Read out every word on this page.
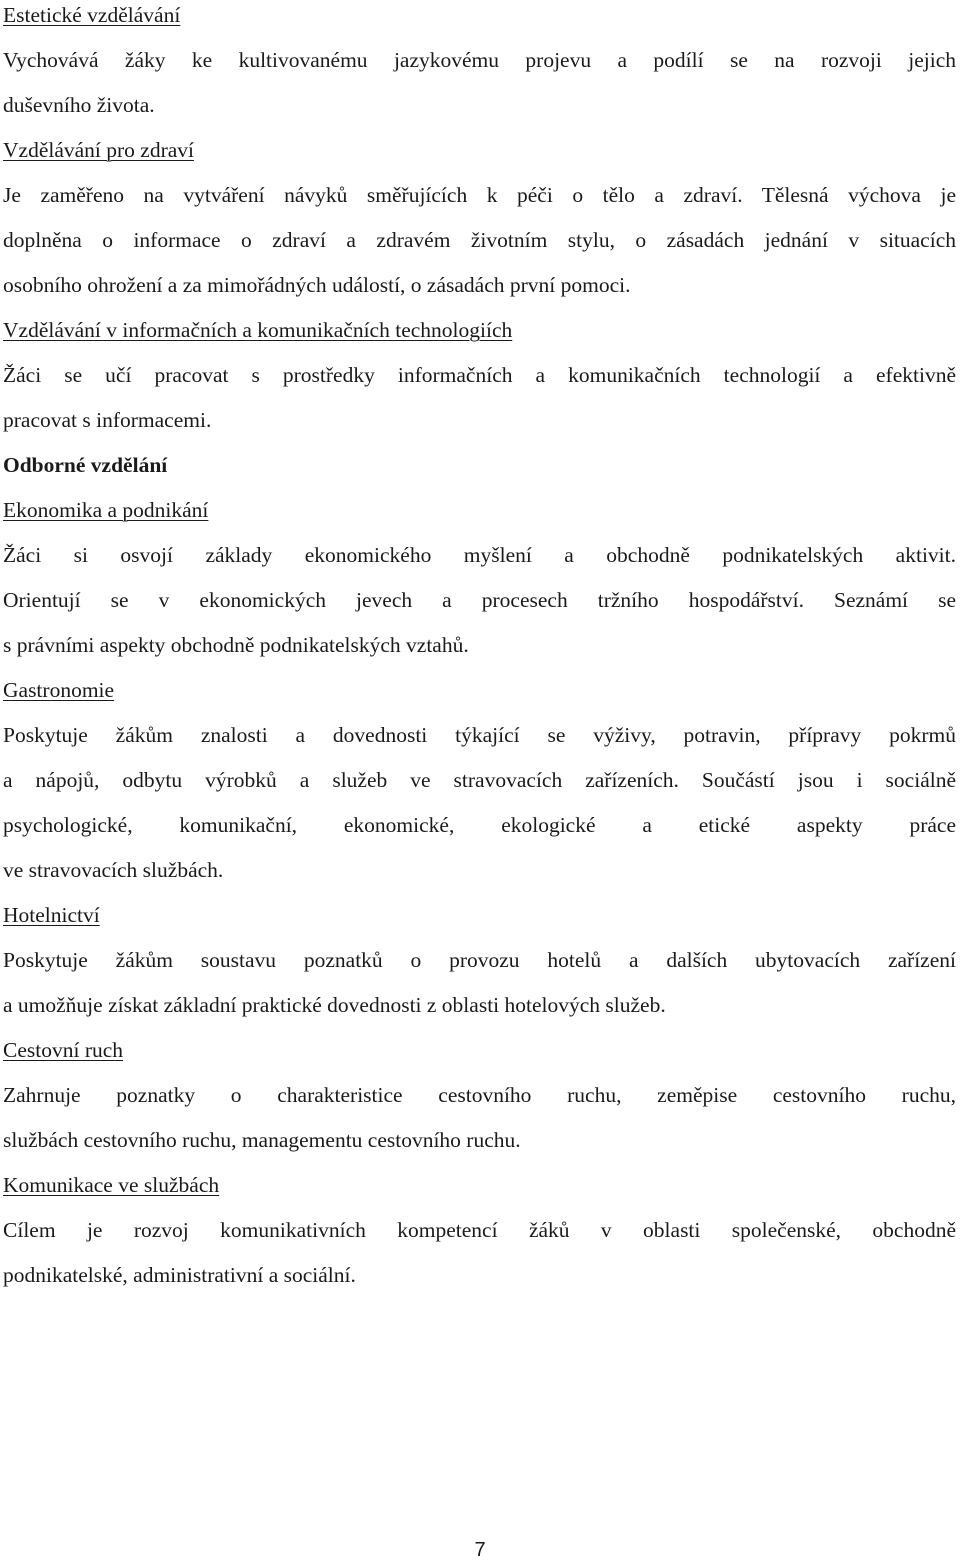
Estetické vzdělávání
Vychovává žáky ke kultivovanému jazykovému projevu a podílí se na rozvoji jejich
duševního života.
Vzdělávání pro zdraví
Je zaměřeno na vytváření návyků směřujících k péči o tělo a zdraví. Tělesná výchova je
doplněna o informace o zdraví a zdravém životním stylu, o zásadách jednání v situacích
osobního ohrožení a za mimořádných událostí, o zásadách první pomoci.
Vzdělávání v informačních a komunikačních technologiích
Žáci se učí pracovat s prostředky informačních a komunikačních technologií a efektivně
pracovat s informacemi.
Odborné vzdělání
Ekonomika a podnikání
Žáci si osvojí základy ekonomického myšlení a obchodně podnikatelských aktivit.
Orientují se v ekonomických jevech a procesech tržního hospodářství. Seznámí se
s právními aspekty obchodně podnikatelských vztahů.
Gastronomie
Poskytuje žákům znalosti a dovednosti týkající se výživy, potravin, přípravy pokrmů
a nápojů, odbytu výrobků a služeb ve stravovacích zařízeních. Součástí jsou i sociálně
psychologické, komunikační, ekonomické, ekologické a etické aspekty práce
ve stravovacích službách.
Hotelnictví
Poskytuje žákům soustavu poznatků o provozu hotelů a dalších ubytovacích zařízení
a umožňuje získat základní praktické dovednosti z oblasti hotelových služeb.
Cestovní ruch
Zahrnuje poznatky o charakteristice cestovního ruchu, zeměpise cestovního ruchu,
službách cestovního ruchu, managementu cestovního ruchu.
Komunikace ve službách
Cílem je rozvoj komunikativních kompetencí žáků v oblasti společenské, obchodně
podnikatelské, administrativní a sociální.
7
